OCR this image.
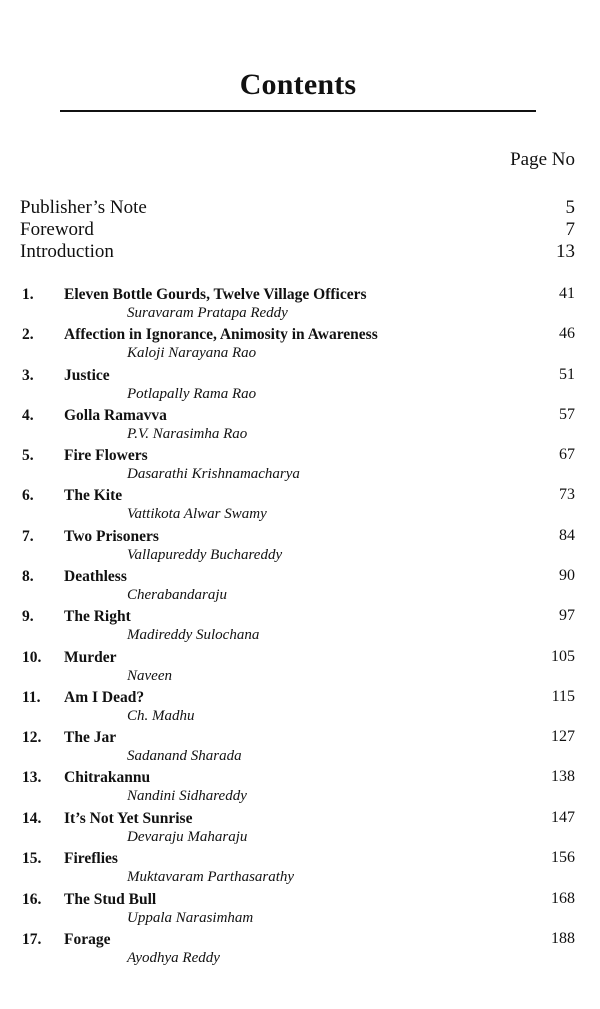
Contents
Page No
Publisher’s Note	5
Foreword	7
Introduction	13
1. Eleven Bottle Gourds, Twelve Village Officers	41
Suravaram Pratapa Reddy
2. Affection in Ignorance, Animosity in Awareness	46
Kaloji Narayana Rao
3. Justice	51
Potlapally Rama Rao
4. Golla Ramavva	57
P.V. Narasimha Rao
5. Fire Flowers	67
Dasarathi Krishnamacharya
6. The Kite	73
Vattikota Alwar Swamy
7. Two Prisoners	84
Vallapureddy Buchareddy
8. Deathless	90
Cherabandaraju
9. The Right	97
Madireddy Sulochana
10. Murder	105
Naveen
11. Am I Dead?	115
Ch. Madhu
12. The Jar	127
Sadanand Sharada
13. Chitrakannu	138
Nandini Sidhareddy
14. It’s Not Yet Sunrise	147
Devaraju Maharaju
15. Fireflies	156
Muktavaram Parthasarathy
16. The Stud Bull	168
Uppala Narasimham
17. Forage	188
Ayodhya Reddy
